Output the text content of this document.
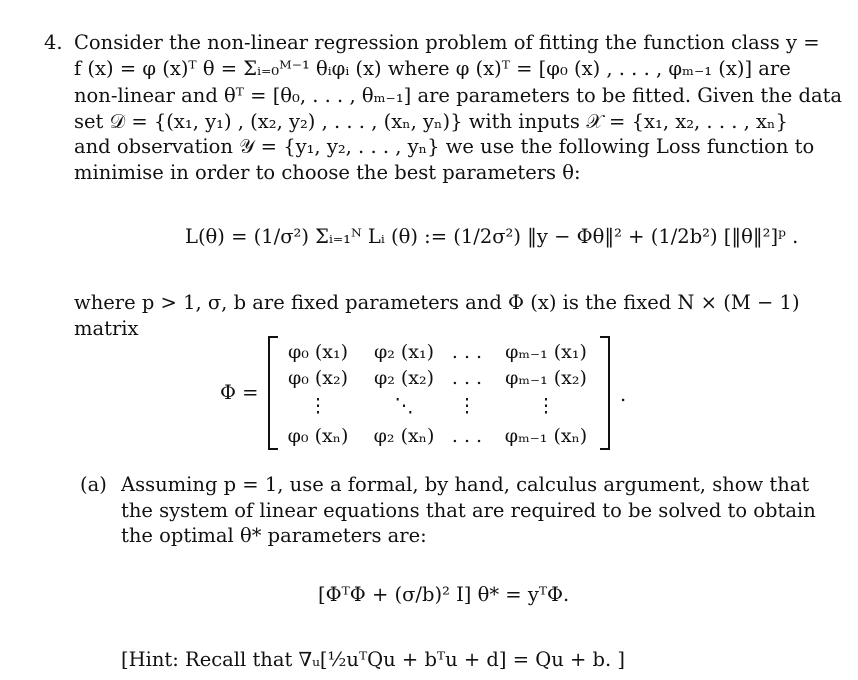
4. Consider the non-linear regression problem of fitting the function class y =
f (x) = φ (x)ᵀ θ = Σᵢ₌₀ᴹ⁻¹ θᵢφᵢ (x) where φ (x)ᵀ = [φ₀ (x) , . . . , φₘ₋₁ (x)] are
non-linear and θᵀ = [θ₀, . . . , θₘ₋₁] are parameters to be fitted. Given the data
set 𝒟 = {(x₁, y₁) , (x₂, y₂) , . . . , (xₙ, yₙ)} with inputs 𝒳 = {x₁, x₂, . . . , xₙ}
and observation 𝒴 = {y₁, y₂, . . . , yₙ} we use the following Loss function to
minimise in order to choose the best parameters θ:
L(θ) = (1/σ²) Σᵢ₌₁ᴺ Lᵢ (θ) := (1/2σ²) ‖y − Φθ‖² + (1/2b²) [‖θ‖²]ᵖ .
where p > 1, σ, b are fixed parameters and Φ (x) is the fixed N × (M − 1)
matrix
Φ =
φ₀ (x₁) φ₂ (x₁) . . . φₘ₋₁ (x₁)
φ₀ (x₂) φ₂ (x₂) . . . φₘ₋₁ (x₂)
⋮	⋱ ⋮	⋮
φ₀ (xₙ) φ₂ (xₙ) . . . φₘ₋₁ (xₙ)
.
(a) Assuming p = 1, use a formal, by hand, calculus argument, show that
the system of linear equations that are required to be solved to obtain
the optimal θ* parameters are:
[ΦᵀΦ + (σ/b)² I] θ* = yᵀΦ.
[Hint: Recall that ∇ᵤ[½uᵀQu + bᵀu + d] = Qu + b. ]
